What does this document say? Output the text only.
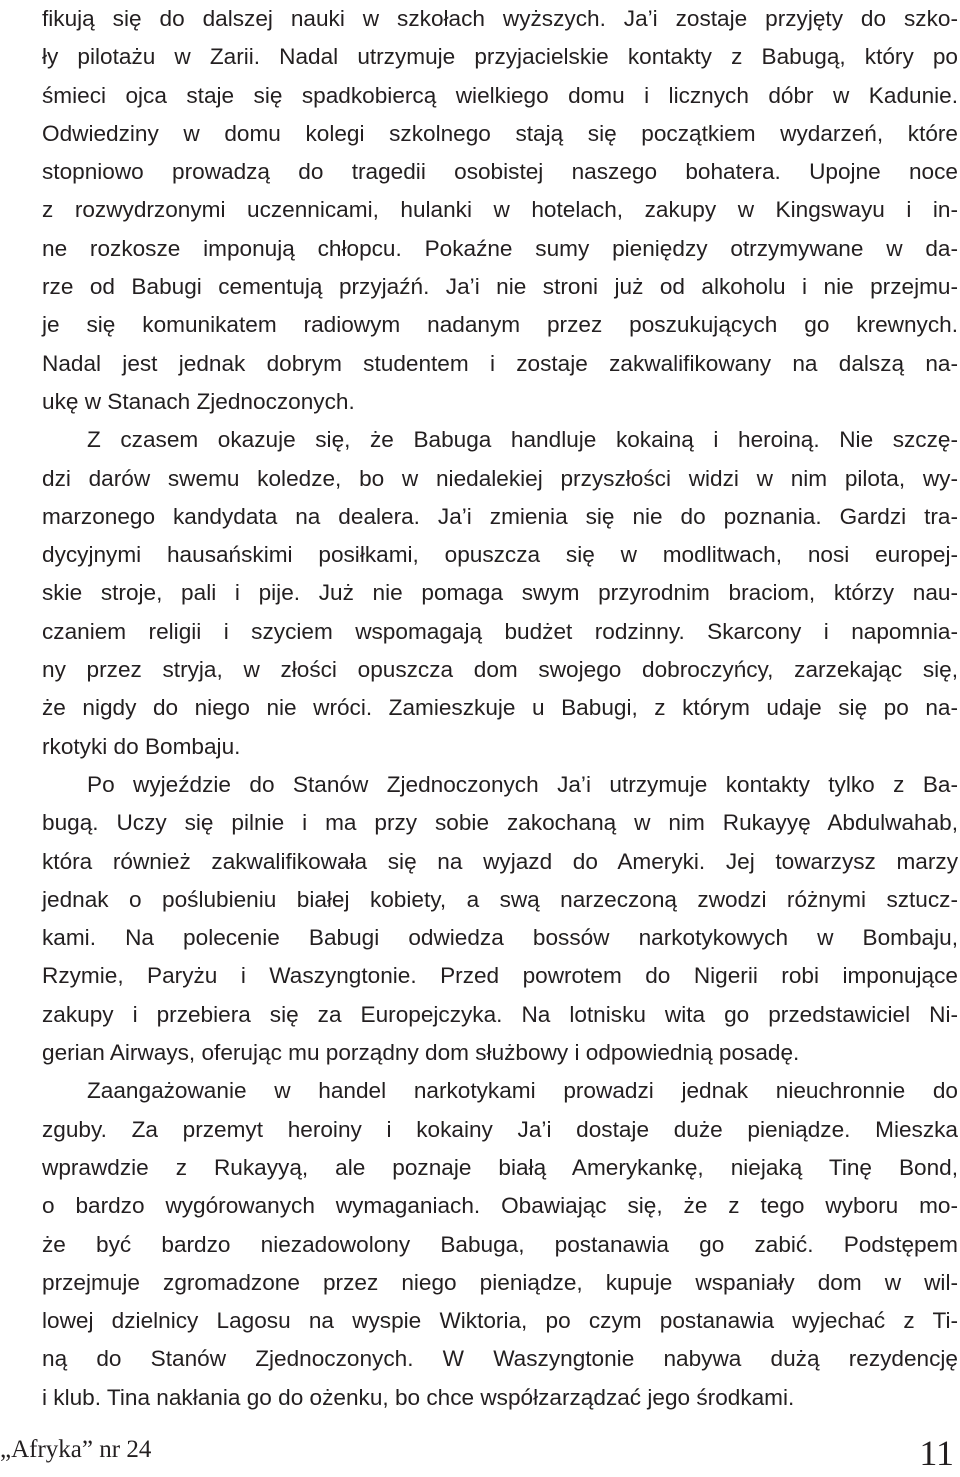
fikują się do dalszej nauki w szkołach wyższych. Ja’i zostaje przyjęty do szko-
ły pilotażu w Zarii. Nadal utrzymuje przyjacielskie kontakty z Babugą, który po
śmieci ojca staje się spadkobiercą wielkiego domu i licznych dóbr w Kadunie.
Odwiedziny w domu kolegi szkolnego stają się początkiem wydarzeń, które
stopniowo prowadzą do tragedii osobistej naszego bohatera. Upojne noce
z rozwydrzonymi uczennicami, hulanki w hotelach, zakupy w Kingswayu i in-
ne rozkosze imponują chłopcu. Pokaźne sumy pieniędzy otrzymywane w da-
rze od Babugi cementują przyjaźń. Ja’i nie stroni już od alkoholu i nie przejmu-
je się komunikatem radiowym nadanym przez poszukujących go krewnych.
Nadal jest jednak dobrym studentem i zostaje zakwalifikowany na dalszą na-
ukę w Stanach Zjednoczonych.
Z czasem okazuje się, że Babuga handluje kokainą i heroiną. Nie szczę-
dzi darów swemu koledze, bo w niedalekiej przyszłości widzi w nim pilota, wy-
marzonego kandydata na dealera. Ja’i zmienia się nie do poznania. Gardzi tra-
dycyjnymi hausańskimi posiłkami, opuszcza się w modlitwach, nosi europej-
skie stroje, pali i pije. Już nie pomaga swym przyrodnim braciom, którzy nau-
czaniem religii i szyciem wspomagają budżet rodzinny. Skarcony i napomnia-
ny przez stryja, w złości opuszcza dom swojego dobroczyńcy, zarzekając się,
że nigdy do niego nie wróci. Zamieszkuje u Babugi, z którym udaje się po na-
rkotyki do Bombaju.
Po wyjeździe do Stanów Zjednoczonych Ja’i utrzymuje kontakty tylko z Ba-
bugą. Uczy się pilnie i ma przy sobie zakochaną w nim Rukayyę Abdulwahab,
która również zakwalifikowała się na wyjazd do Ameryki. Jej towarzysz marzy
jednak o poślubieniu białej kobiety, a swą narzeczoną zwodzi różnymi sztucz-
kami. Na polecenie Babugi odwiedza bossów narkotykowych w Bombaju,
Rzymie, Paryżu i Waszyngtonie. Przed powrotem do Nigerii robi imponujące
zakupy i przebiera się za Europejczyka. Na lotnisku wita go przedstawiciel Ni-
gerian Airways, oferując mu porządny dom służbowy i odpowiednią posadę.
Zaangażowanie w handel narkotykami prowadzi jednak nieuchronnie do
zguby. Za przemyt heroiny i kokainy Ja’i dostaje duże pieniądze. Mieszka
wprawdzie z Rukayyą, ale poznaje białą Amerykankę, niejaką Tinę Bond,
o bardzo wygórowanych wymaganiach. Obawiając się, że z tego wyboru mo-
że być bardzo niezadowolony Babuga, postanawia go zabić. Podstępem
przejmuje zgromadzone przez niego pieniądze, kupuje wspaniały dom w wil-
lowej dzielnicy Lagosu na wyspie Wiktoria, po czym postanawia wyjechać z Ti-
ną do Stanów Zjednoczonych. W Waszyngtonie nabywa dużą rezydencję
i klub. Tina nakłania go do ożenku, bo chce współzarządzać jego środkami.
„Afryka” nr 24	11
